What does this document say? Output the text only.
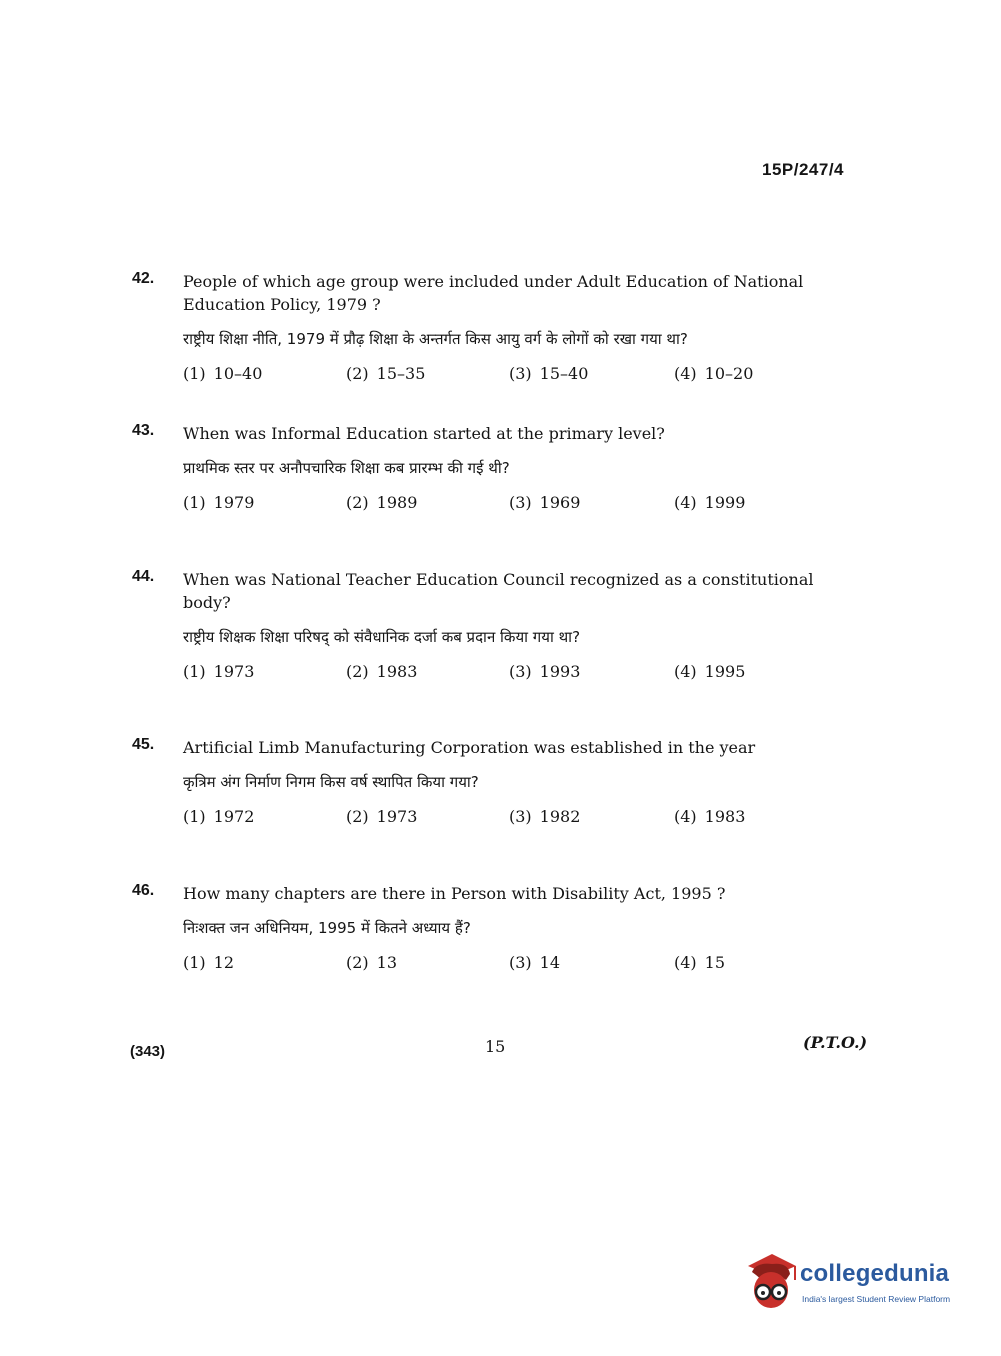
15P/247/4
42. People of which age group were included under Adult Education of National Education Policy, 1979 ?
राष्ट्रीय शिक्षा नीति, 1979 में प्रौढ़ शिक्षा के अन्तर्गत किस आयु वर्ग के लोगों को रखा गया था?
(1) 10–40	(2) 15–35	(3) 15–40	(4) 10–20
43. When was Informal Education started at the primary level?
प्राथमिक स्तर पर अनौपचारिक शिक्षा कब प्रारम्भ की गई थी?
(1) 1979	(2) 1989	(3) 1969	(4) 1999
44. When was National Teacher Education Council recognized as a constitutional body?
राष्ट्रीय शिक्षक शिक्षा परिषद् को संवैधानिक दर्जा कब प्रदान किया गया था?
(1) 1973	(2) 1983	(3) 1993	(4) 1995
45. Artificial Limb Manufacturing Corporation was established in the year
कृत्रिम अंग निर्माण निगम किस वर्ष स्थापित किया गया?
(1) 1972	(2) 1973	(3) 1982	(4) 1983
46. How many chapters are there in Person with Disability Act, 1995 ?
निःशक्त जन अधिनियम, 1995 में कितने अध्याय हैं?
(1) 12	(2) 13	(3) 14	(4) 15
(343)	15	(P.T.O.)
collegedunia
India's largest Student Review Platform
